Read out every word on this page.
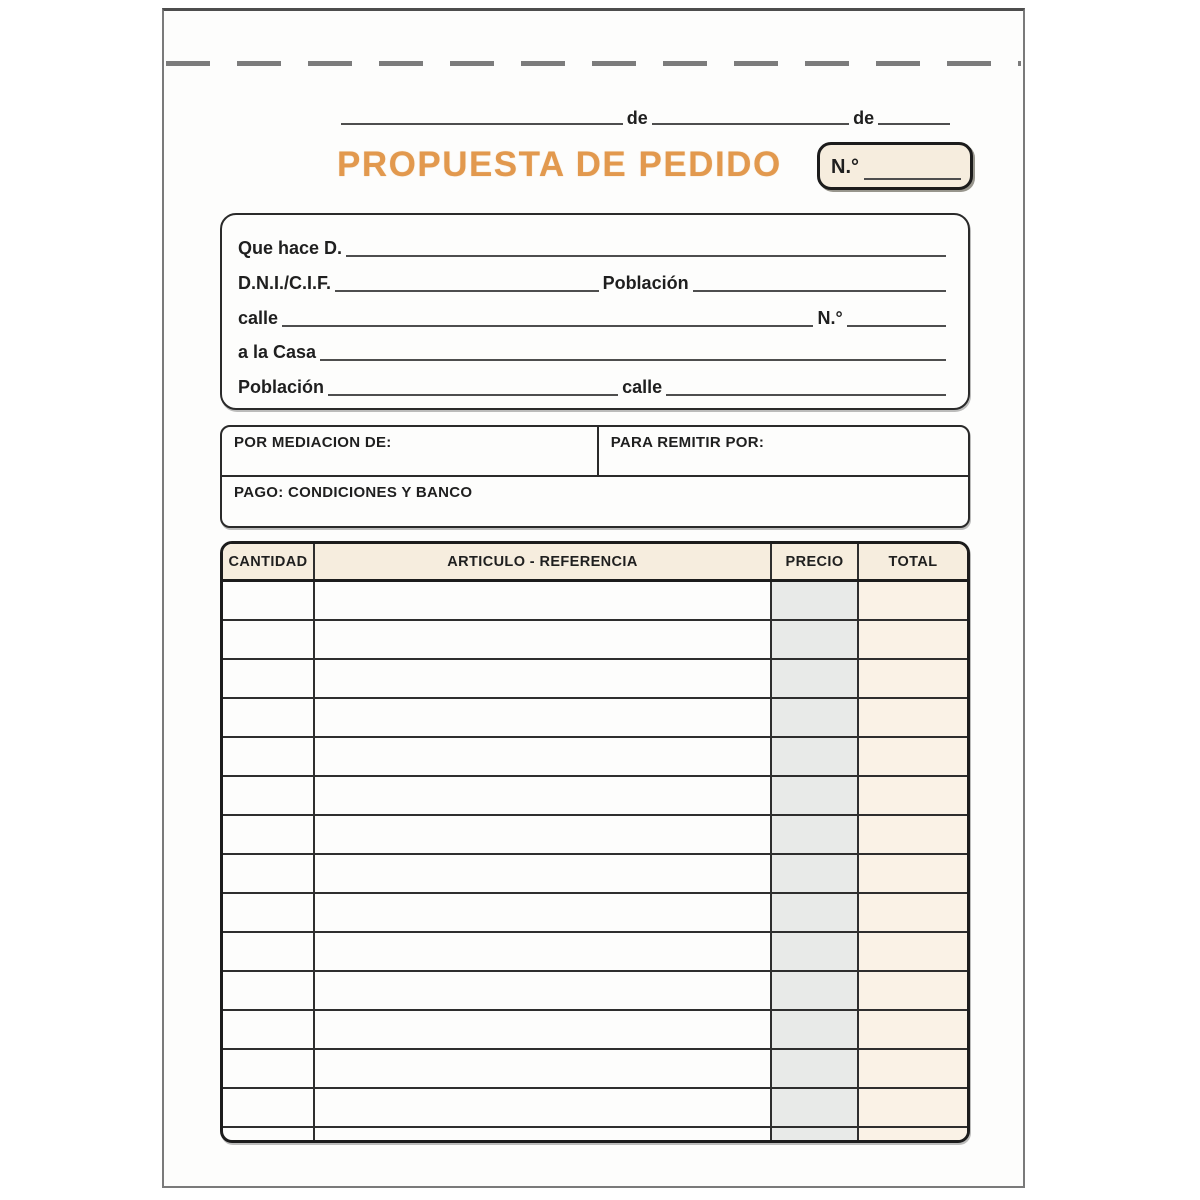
de	de
PROPUESTA DE PEDIDO N.°
Que hace D.
D.N.I./C.I.F.	Población
calle	N.°
a la Casa
Población	calle
POR MEDIACION DE:	PARA REMITIR POR:
PAGO: CONDICIONES Y BANCO
CANTIDAD	ARTICULO - REFERENCIA	PRECIO	TOTAL
